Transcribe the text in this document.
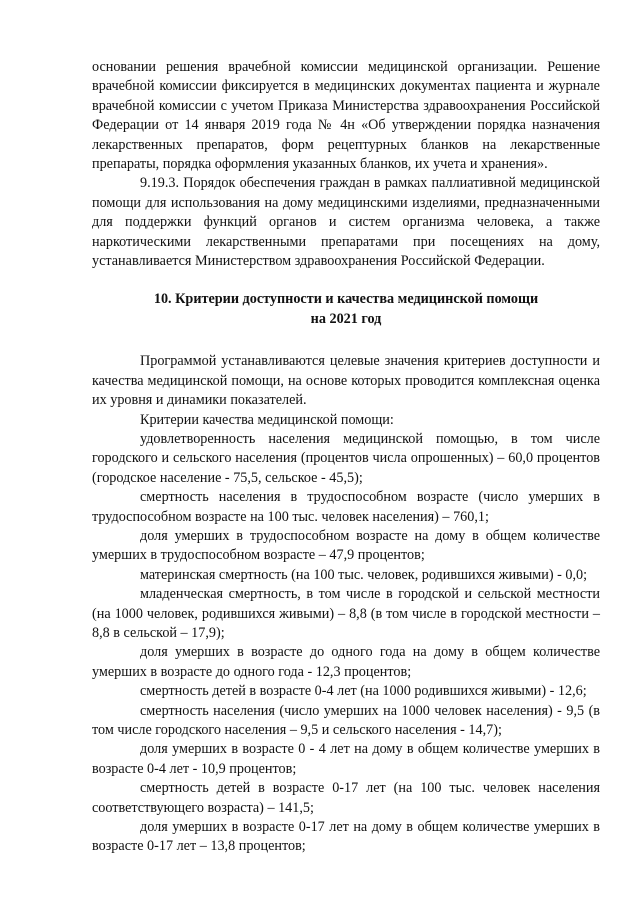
основании решения врачебной комиссии медицинской организации. Решение врачебной комиссии фиксируется в медицинских документах пациента и журнале врачебной комиссии с учетом Приказа Министерства здравоохранения Российской Федерации от 14 января 2019 года № 4н «Об утверждении порядка назначения лекарственных препаратов, форм рецептурных бланков на лекарственные препараты, порядка оформления указанных бланков, их учета и хранения».

9.19.3. Порядок обеспечения граждан в рамках паллиативной медицинской помощи для использования на дому медицинскими изделиями, предназначенными для поддержки функций органов и систем организма человека, а также наркотическими лекарственными препаратами при посещениях на дому, устанавливается Министерством здравоохранения Российской Федерации.

10. Критерии доступности и качества медицинской помощи
на 2021 год

Программой устанавливаются целевые значения критериев доступности и качества медицинской помощи, на основе которых проводится комплексная оценка их уровня и динамики показателей.

Критерии качества медицинской помощи:

удовлетворенность населения медицинской помощью, в том числе городского и сельского населения (процентов числа опрошенных) – 60,0 процентов (городское население - 75,5, сельское - 45,5);

смертность населения в трудоспособном возрасте (число умерших в трудоспособном возрасте на 100 тыс. человек населения) – 760,1;

доля умерших в трудоспособном возрасте на дому в общем количестве умерших в трудоспособном возрасте – 47,9 процентов;

материнская смертность (на 100 тыс. человек, родившихся живыми) - 0,0;

младенческая смертность, в том числе в городской и сельской местности (на 1000 человек, родившихся живыми) – 8,8 (в том числе в городской местности – 8,8 в сельской – 17,9);

доля умерших в возрасте до одного года на дому в общем количестве умерших в возрасте до одного года - 12,3 процентов;

смертность детей в возрасте 0-4 лет (на 1000 родившихся живыми) - 12,6;

смертность населения (число умерших на 1000 человек населения) - 9,5 (в том числе городского населения – 9,5 и сельского населения - 14,7);

доля умерших в возрасте 0 - 4 лет на дому в общем количестве умерших в возрасте 0-4 лет - 10,9 процентов;

смертность детей в возрасте 0-17 лет (на 100 тыс. человек населения соответствующего возраста) – 141,5;

доля умерших в возрасте 0-17 лет на дому в общем количестве умерших в возрасте 0-17 лет – 13,8 процентов;
